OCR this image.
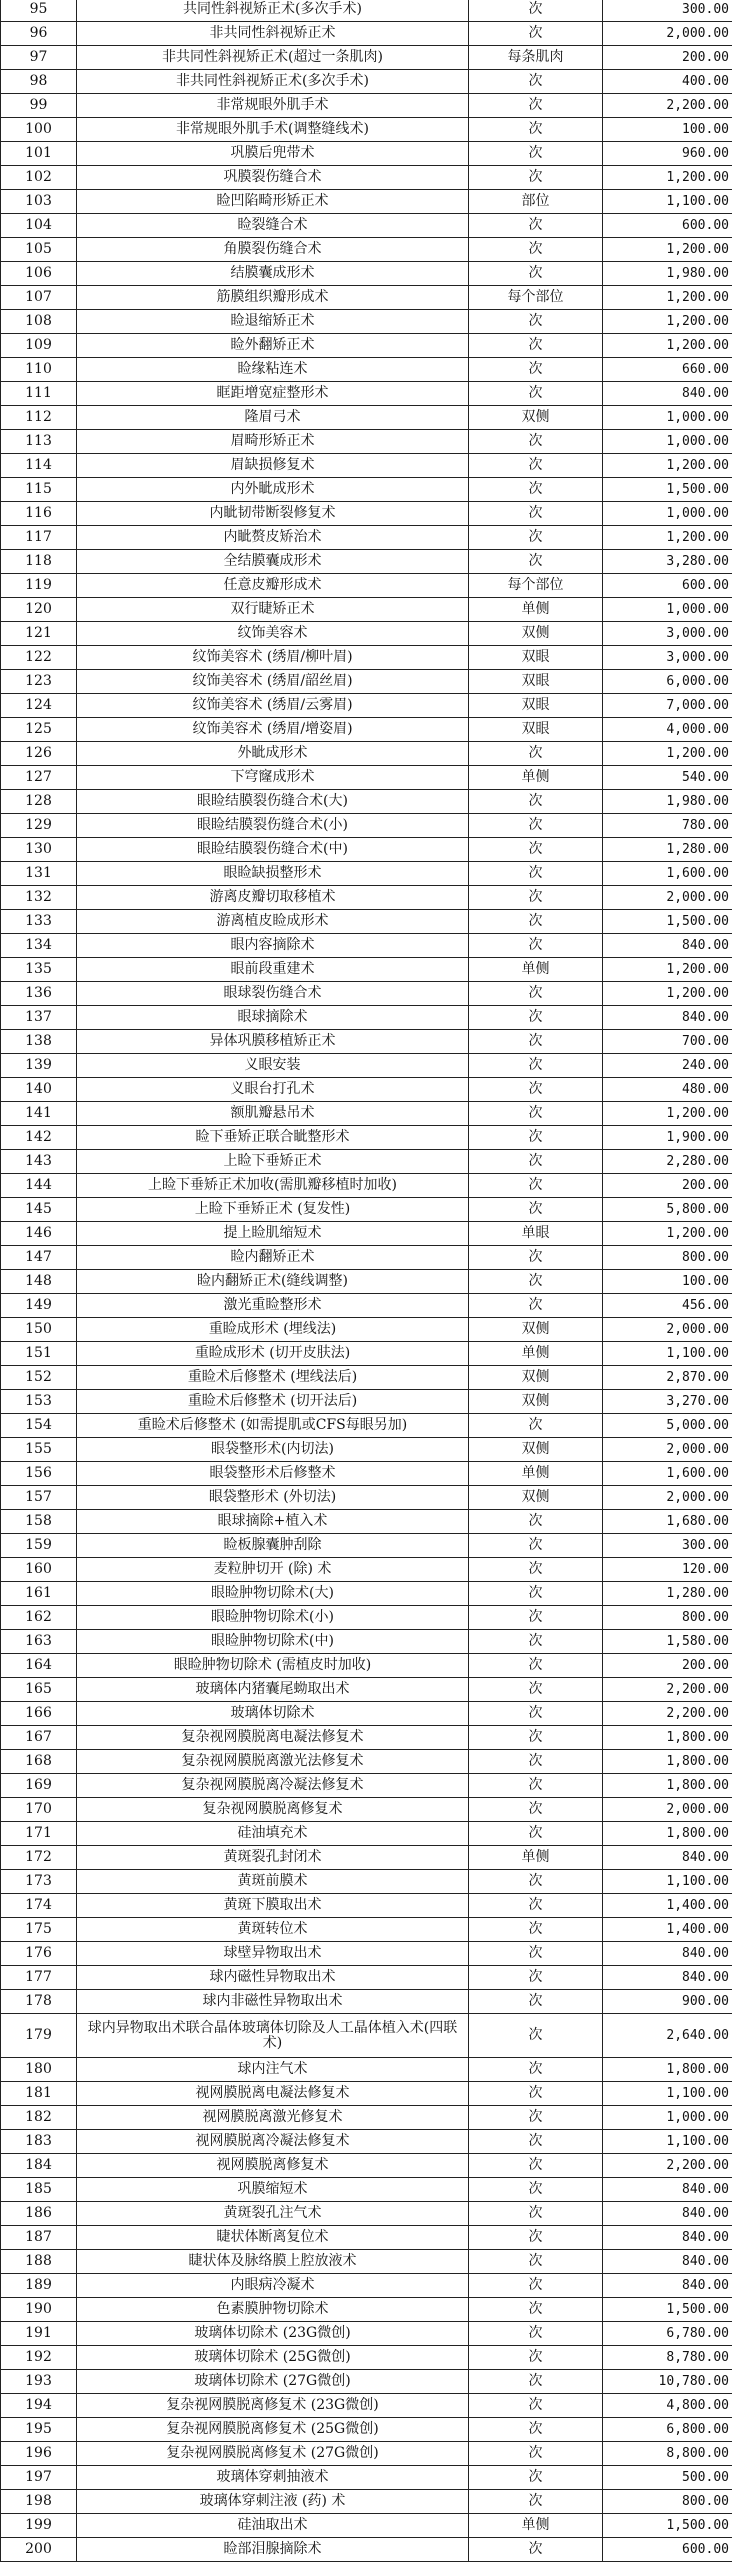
95	共同性斜视矫正术(多次手术)	次	300.00
96	非共同性斜视矫正术	次	2,000.00
97	非共同性斜视矫正术(超过一条肌肉)	每条肌肉	200.00
98	非共同性斜视矫正术(多次手术)	次	400.00
99	非常规眼外肌手术	次	2,200.00
100	非常规眼外肌手术(调整缝线术)	次	100.00
101	巩膜后兜带术	次	960.00
102	巩膜裂伤缝合术	次	1,200.00
103	睑凹陷畸形矫正术	部位	1,100.00
104	睑裂缝合术	次	600.00
105	角膜裂伤缝合术	次	1,200.00
106	结膜囊成形术	次	1,980.00
107	筋膜组织瓣形成术	每个部位	1,200.00
108	睑退缩矫正术	次	1,200.00
109	睑外翻矫正术	次	1,200.00
110	睑缘粘连术	次	660.00
111	眶距增宽症整形术	次	840.00
112	隆眉弓术	双侧	1,000.00
113	眉畸形矫正术	次	1,000.00
114	眉缺损修复术	次	1,200.00
115	内外眦成形术	次	1,500.00
116	内眦韧带断裂修复术	次	1,000.00
117	内眦赘皮矫治术	次	1,200.00
118	全结膜囊成形术	次	3,280.00
119	任意皮瓣形成术	每个部位	600.00
120	双行睫矫正术	单侧	1,000.00
121	纹饰美容术	双侧	3,000.00
122	纹饰美容术 (绣眉/柳叶眉)	双眼	3,000.00
123	纹饰美容术 (绣眉/韶丝眉)	双眼	6,000.00
124	纹饰美容术 (绣眉/云雾眉)	双眼	7,000.00
125	纹饰美容术 (绣眉/增姿眉)	双眼	4,000.00
126	外眦成形术	次	1,200.00
127	下穹窿成形术	单侧	540.00
128	眼睑结膜裂伤缝合术(大)	次	1,980.00
129	眼睑结膜裂伤缝合术(小)	次	780.00
130	眼睑结膜裂伤缝合术(中)	次	1,280.00
131	眼睑缺损整形术	次	1,600.00
132	游离皮瓣切取移植术	次	2,000.00
133	游离植皮睑成形术	次	1,500.00
134	眼内容摘除术	次	840.00
135	眼前段重建术	单侧	1,200.00
136	眼球裂伤缝合术	次	1,200.00
137	眼球摘除术	次	840.00
138	异体巩膜移植矫正术	次	700.00
139	义眼安装	次	240.00
140	义眼台打孔术	次	480.00
141	额肌瓣悬吊术	次	1,200.00
142	睑下垂矫正联合眦整形术	次	1,900.00
143	上睑下垂矫正术	次	2,280.00
144	上睑下垂矫正术加收(需肌瓣移植时加收)	次	200.00
145	上睑下垂矫正术 (复发性)	次	5,800.00
146	提上睑肌缩短术	单眼	1,200.00
147	睑内翻矫正术	次	800.00
148	睑内翻矫正术(缝线调整)	次	100.00
149	激光重睑整形术	次	456.00
150	重睑成形术 (埋线法)	双侧	2,000.00
151	重睑成形术 (切开皮肤法)	单侧	1,100.00
152	重睑术后修整术 (埋线法后)	双侧	2,870.00
153	重睑术后修整术 (切开法后)	双侧	3,270.00
154	重睑术后修整术 (如需提肌或CFS每眼另加)	次	5,000.00
155	眼袋整形术(内切法)	双侧	2,000.00
156	眼袋整形术后修整术	单侧	1,600.00
157	眼袋整形术 (外切法)	双侧	2,000.00
158	眼球摘除+植入术	次	1,680.00
159	睑板腺囊肿刮除	次	300.00
160	麦粒肿切开 (除) 术	次	120.00
161	眼睑肿物切除术(大)	次	1,280.00
162	眼睑肿物切除术(小)	次	800.00
163	眼睑肿物切除术(中)	次	1,580.00
164	眼睑肿物切除术 (需植皮时加收)	次	200.00
165	玻璃体内猪囊尾蚴取出术	次	2,200.00
166	玻璃体切除术	次	2,200.00
167	复杂视网膜脱离电凝法修复术	次	1,800.00
168	复杂视网膜脱离激光法修复术	次	1,800.00
169	复杂视网膜脱离冷凝法修复术	次	1,800.00
170	复杂视网膜脱离修复术	次	2,000.00
171	硅油填充术	次	1,800.00
172	黄斑裂孔封闭术	单侧	840.00
173	黄斑前膜术	次	1,100.00
174	黄斑下膜取出术	次	1,400.00
175	黄斑转位术	次	1,400.00
176	球壁异物取出术	次	840.00
177	球内磁性异物取出术	次	840.00
178	球内非磁性异物取出术	次	900.00
179	球内异物取出术联合晶体玻璃体切除及人工晶体植入术(四联术)	次	2,640.00
180	球内注气术	次	1,800.00
181	视网膜脱离电凝法修复术	次	1,100.00
182	视网膜脱离激光修复术	次	1,000.00
183	视网膜脱离冷凝法修复术	次	1,100.00
184	视网膜脱离修复术	次	2,200.00
185	巩膜缩短术	次	840.00
186	黄斑裂孔注气术	次	840.00
187	睫状体断离复位术	次	840.00
188	睫状体及脉络膜上腔放液术	次	840.00
189	内眼病冷凝术	次	840.00
190	色素膜肿物切除术	次	1,500.00
191	玻璃体切除术 (23G微创)	次	6,780.00
192	玻璃体切除术 (25G微创)	次	8,780.00
193	玻璃体切除术 (27G微创)	次	10,780.00
194	复杂视网膜脱离修复术 (23G微创)	次	4,800.00
195	复杂视网膜脱离修复术 (25G微创)	次	6,800.00
196	复杂视网膜脱离修复术 (27G微创)	次	8,800.00
197	玻璃体穿刺抽液术	次	500.00
198	玻璃体穿刺注液 (药) 术	次	800.00
199	硅油取出术	单侧	1,500.00
200	睑部泪腺摘除术	次	600.00
